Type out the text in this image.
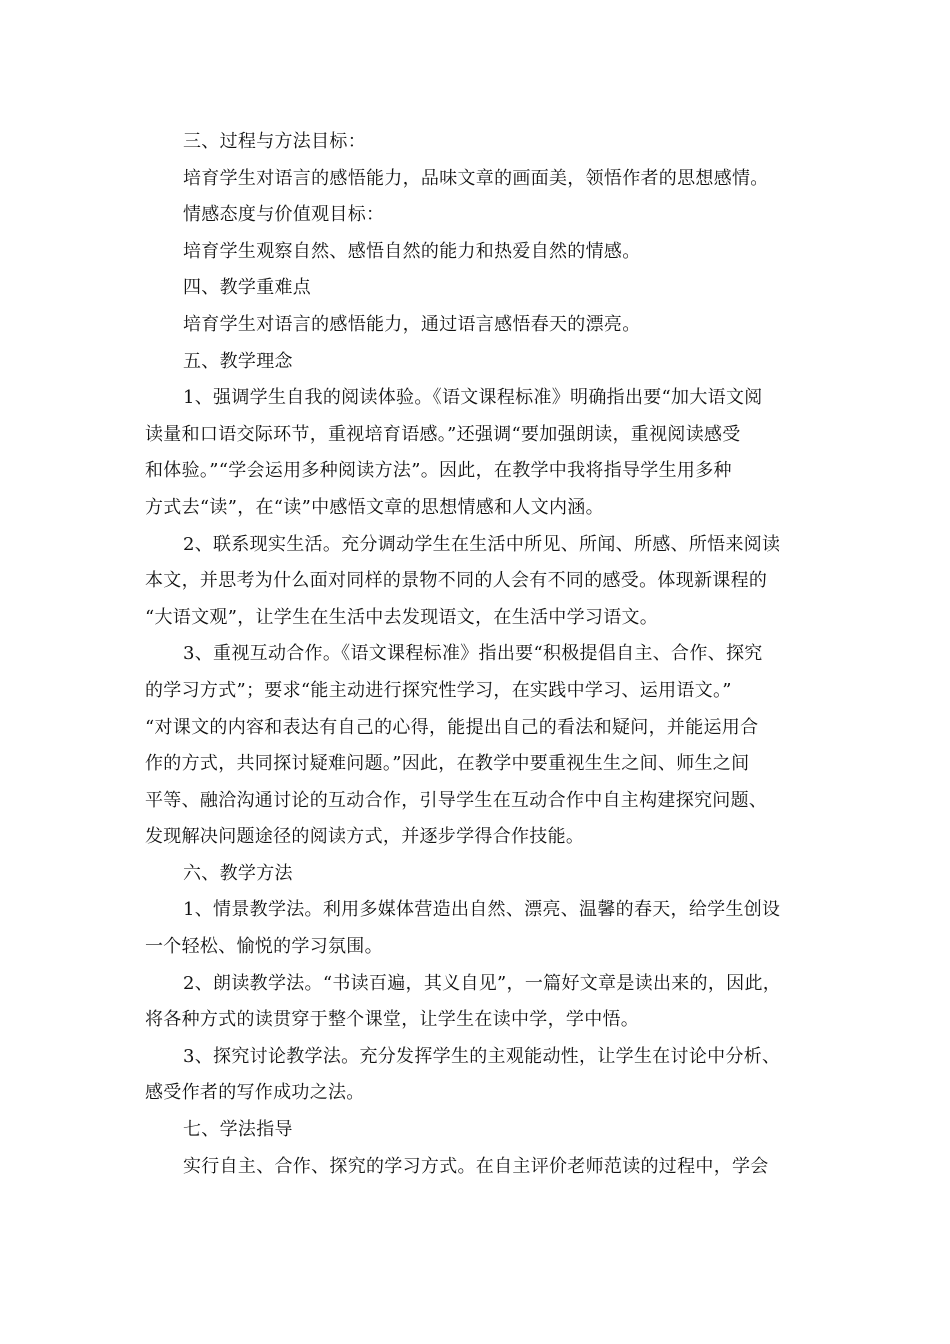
三、过程与方法目标：
培育学生对语言的感悟能力，品味文章的画面美，领悟作者的思想感情。
情感态度与价值观目标：
培育学生观察自然、感悟自然的能力和热爱自然的情感。
四、教学重难点
培育学生对语言的感悟能力，通过语言感悟春天的漂亮。
五、教学理念
1、强调学生自我的阅读体验。《语文课程标准》明确指出要“加大语文阅
读量和口语交际环节，重视培育语感。”还强调“要加强朗读，重视阅读感受
和体验。”“学会运用多种阅读方法”。因此，在教学中我将指导学生用多种
方式去“读”，在“读”中感悟文章的思想情感和人文内涵。
2、联系现实生活。充分调动学生在生活中所见、所闻、所感、所悟来阅读
本文，并思考为什么面对同样的景物不同的人会有不同的感受。体现新课程的
“大语文观”，让学生在生活中去发现语文，在生活中学习语文。
3、重视互动合作。《语文课程标准》指出要“积极提倡自主、合作、探究
的学习方式”；要求“能主动进行探究性学习，在实践中学习、运用语文。”
“对课文的内容和表达有自己的心得，能提出自己的看法和疑问，并能运用合
作的方式，共同探讨疑难问题。”因此，在教学中要重视生生之间、师生之间
平等、融洽沟通讨论的互动合作，引导学生在互动合作中自主构建探究问题、
发现解决问题途径的阅读方式，并逐步学得合作技能。
六、教学方法
1、情景教学法。利用多媒体营造出自然、漂亮、温馨的春天，给学生创设
一个轻松、愉悦的学习氛围。
2、朗读教学法。“书读百遍，其义自见”，一篇好文章是读出来的，因此，
将各种方式的读贯穿于整个课堂，让学生在读中学，学中悟。
3、探究讨论教学法。充分发挥学生的主观能动性，让学生在讨论中分析、
感受作者的写作成功之法。
七、学法指导
实行自主、合作、探究的学习方式。在自主评价老师范读的过程中，学会
